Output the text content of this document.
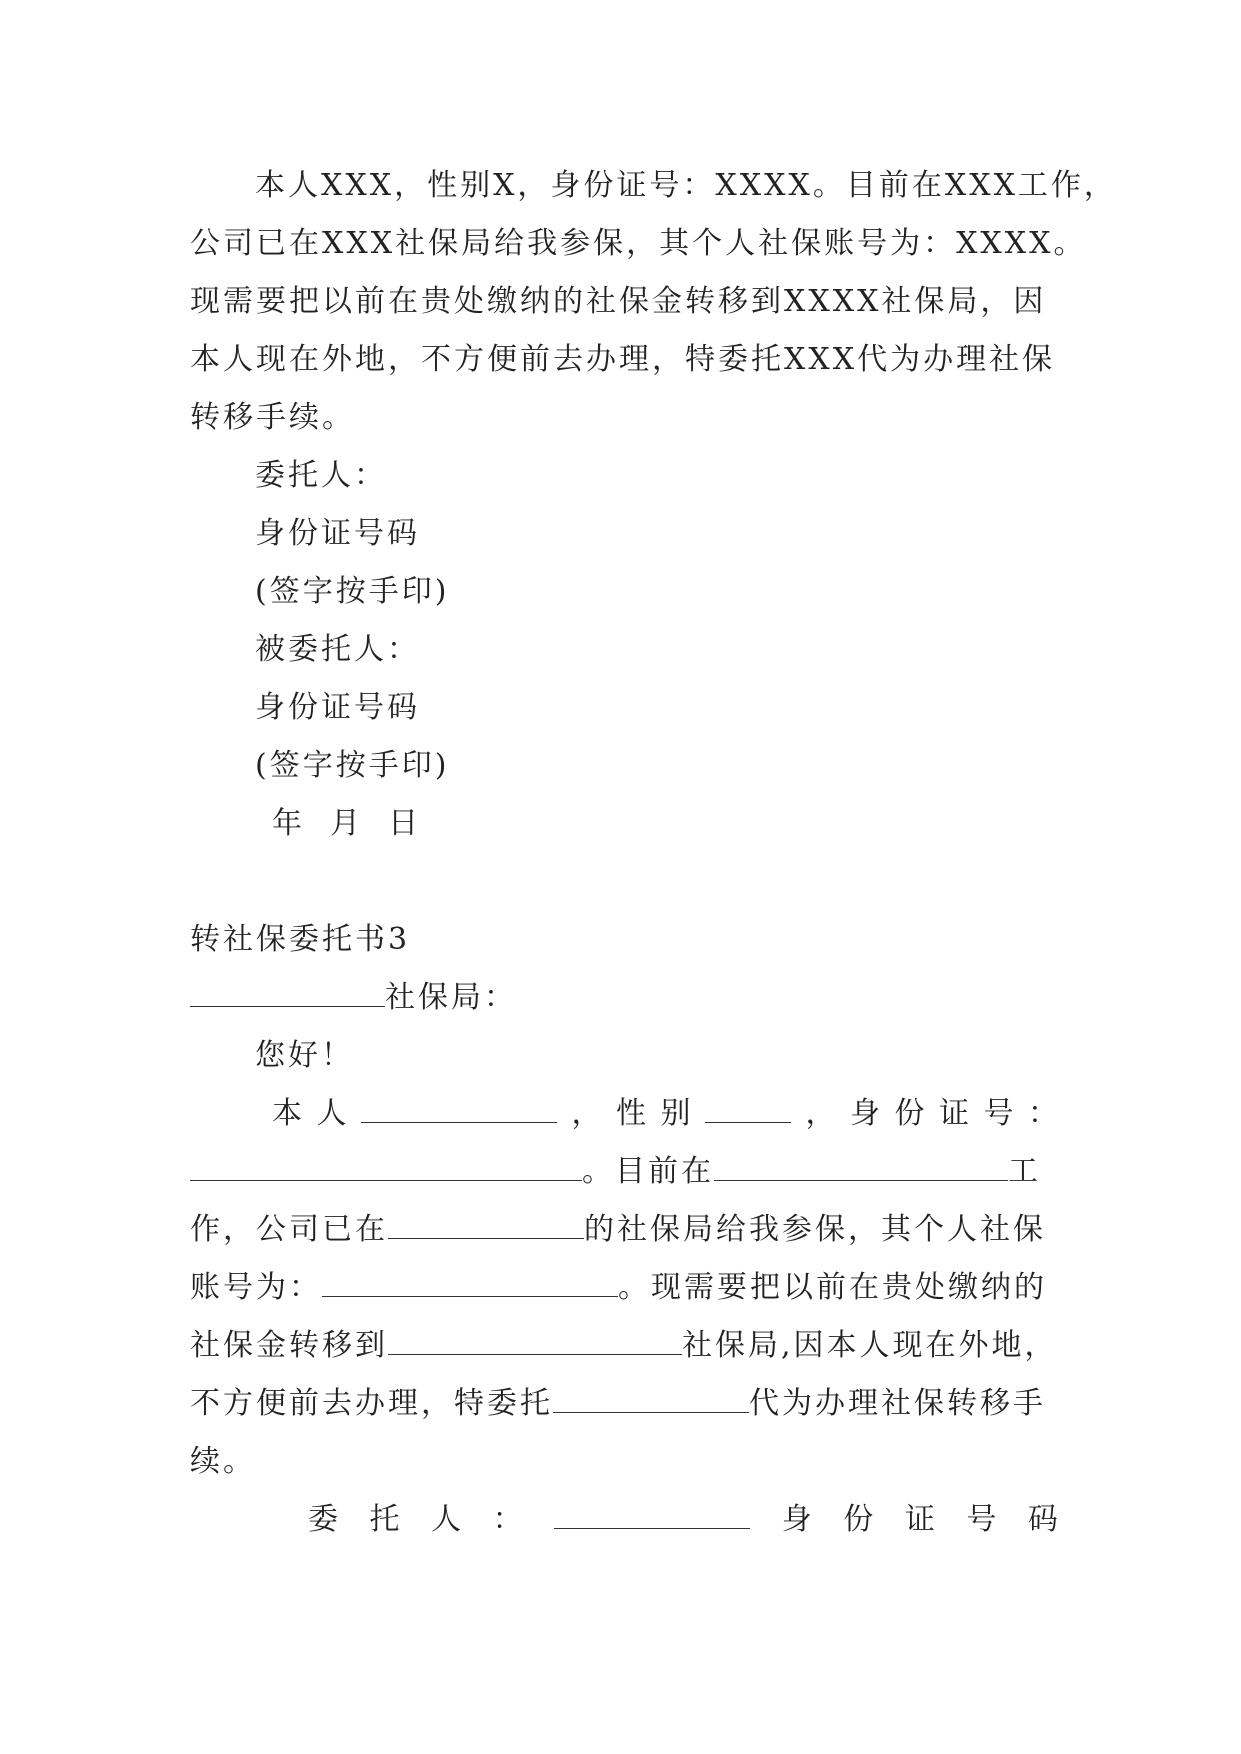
本人XXX，性别X，身份证号：XXXX。目前在XXX工作，
公司已在XXX社保局给我参保，其个人社保账号为：XXXX。
现需要把以前在贵处缴纳的社保金转移到XXXX社保局，因
本人现在外地，不方便前去办理，特委托XXX代为办理社保
转移手续。
委托人：
身份证号码
(签字按手印)
被委托人：
身份证号码
(签字按手印)
年  月  日
转社保委托书3
社保局：
您好！
本 人	， 性 别	， 身 份 证 号 ：
。目前在	工
作，公司已在	的社保局给我参保，其个人社保
账号为：	。现需要把以前在贵处缴纳的
社保金转移到	社保局,因本人现在外地，
不方便前去办理，特委托	代为办理社保转移手
续。
委 托 人 ：	身 份 证 号 码
